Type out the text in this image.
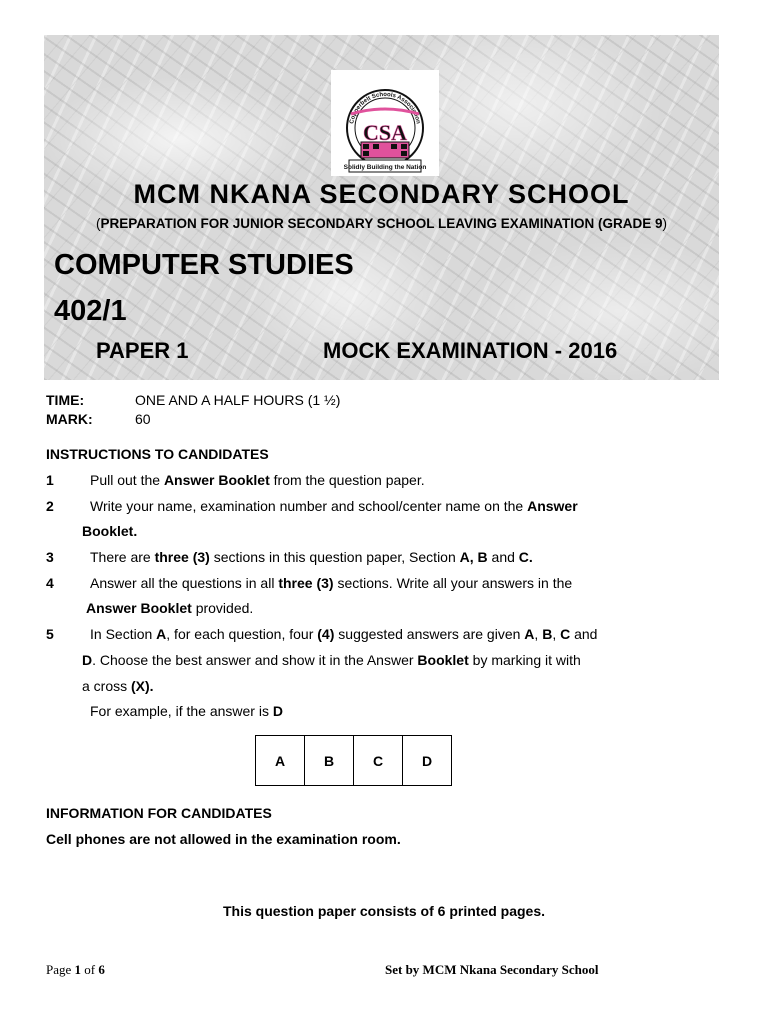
Copperbelt Schools Association
CSA
Solidly Building the Nation
MCM NKANA SECONDARY SCHOOL
(PREPARATION FOR JUNIOR SECONDARY SCHOOL LEAVING EXAMINATION (GRADE 9)
COMPUTER STUDIES
402/1
PAPER 1	MOCK EXAMINATION - 2016
TIME:	ONE AND A HALF HOURS (1 ½)
MARK:	60
INSTRUCTIONS TO CANDIDATES
1	Pull out the Answer Booklet from the question paper.
2	Write your name, examination number and school/center name on the Answer
Booklet.
3	There are three (3) sections in this question paper, Section A, B and C.
4	Answer all the questions in all three (3) sections. Write all your answers in the
Answer Booklet provided.
5	In Section A, for each question, four (4) suggested answers are given A, B, C and
D. Choose the best answer and show it in the Answer Booklet by marking it with
a cross (X).
For example, if the answer is D
A	B	C	D
INFORMATION FOR CANDIDATES
Cell phones are not allowed in the examination room.
This question paper consists of 6 printed pages.
Page 1 of 6	Set by MCM Nkana Secondary School
